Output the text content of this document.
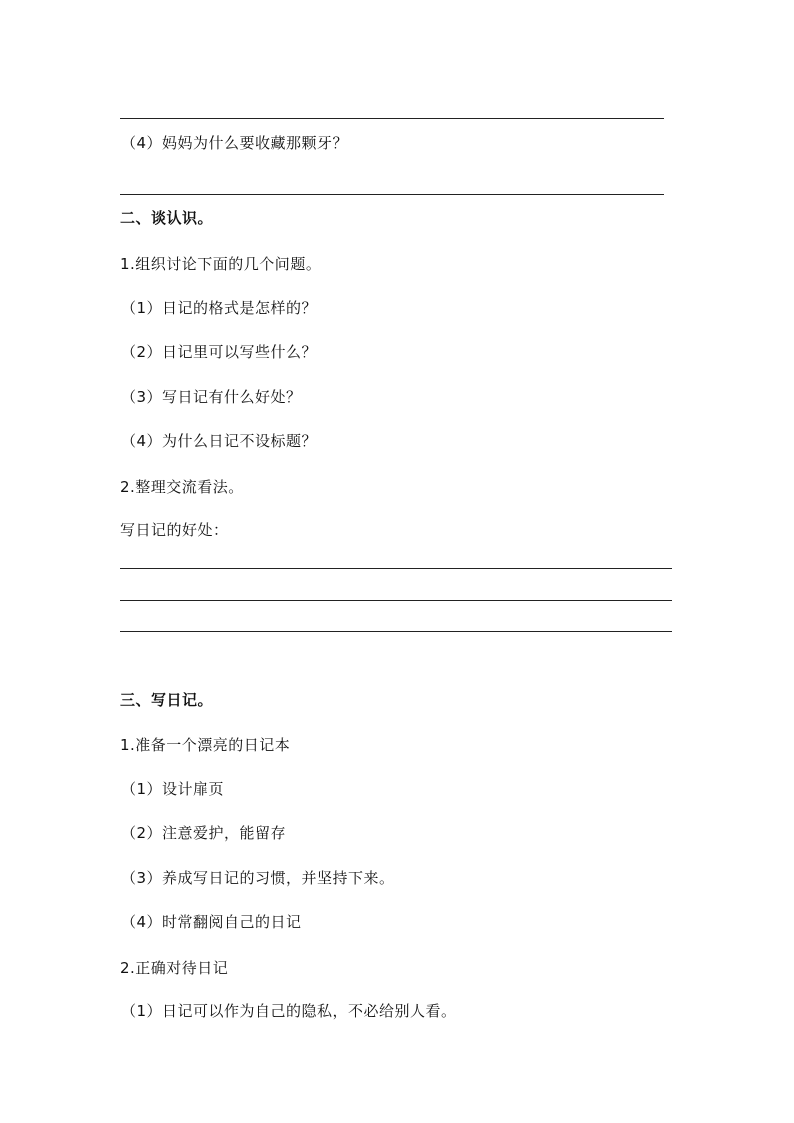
（4）妈妈为什么要收藏那颗牙？
二、谈认识。
1.组织讨论下面的几个问题。
（1）日记的格式是怎样的？
（2）日记里可以写些什么？
（3）写日记有什么好处？
（4）为什么日记不设标题？
2.整理交流看法。
写日记的好处：
三、写日记。
1.准备一个漂亮的日记本
（1）设计扉页
（2）注意爱护，能留存
（3）养成写日记的习惯，并坚持下来。
（4）时常翻阅自己的日记
2.正确对待日记
（1）日记可以作为自己的隐私，不必给别人看。
